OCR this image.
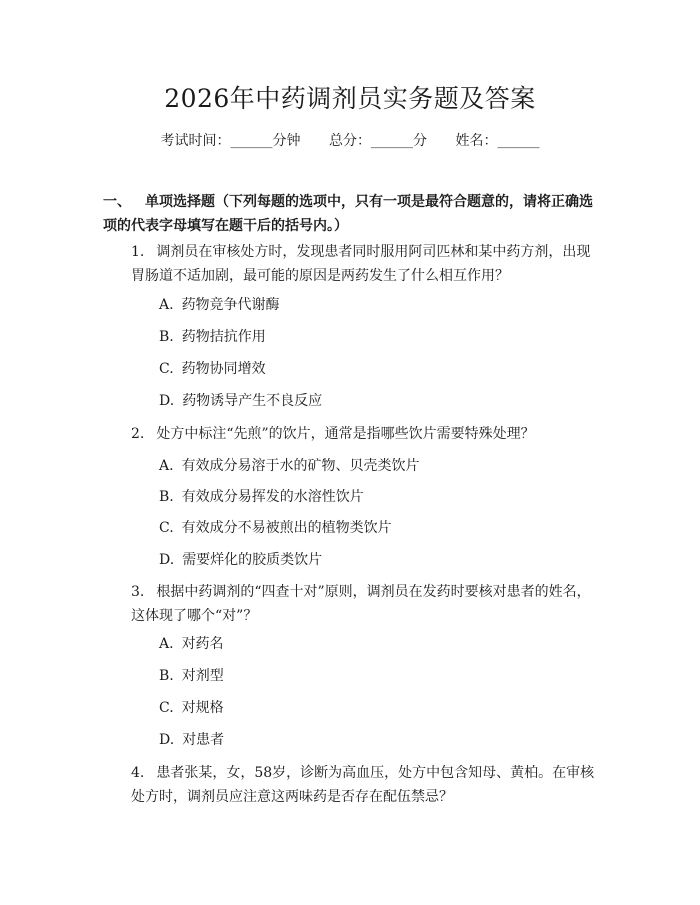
2026年中药调剂员实务题及答案
考试时间：______分钟 总分：______分 姓名：______
一、 单项选择题（下列每题的选项中，只有一项是最符合题意的，请将正确选项的代表字母填写在题干后的括号内。）
1. 调剂员在审核处方时，发现患者同时服用阿司匹林和某中药方剂，出现胃肠道不适加剧，最可能的原因是两药发生了什么相互作用？
A. 药物竞争代谢酶
B. 药物拮抗作用
C. 药物协同增效
D. 药物诱导产生不良反应
2. 处方中标注“先煎”的饮片，通常是指哪些饮片需要特殊处理？
A. 有效成分易溶于水的矿物、贝壳类饮片
B. 有效成分易挥发的水溶性饮片
C. 有效成分不易被煎出的植物类饮片
D. 需要烊化的胶质类饮片
3. 根据中药调剂的“四查十对”原则，调剂员在发药时要核对患者的姓名，这体现了哪个“对”？
A. 对药名
B. 对剂型
C. 对规格
D. 对患者
4. 患者张某，女，58岁，诊断为高血压，处方中包含知母、黄柏。在审核处方时，调剂员应注意这两味药是否存在配伍禁忌？
